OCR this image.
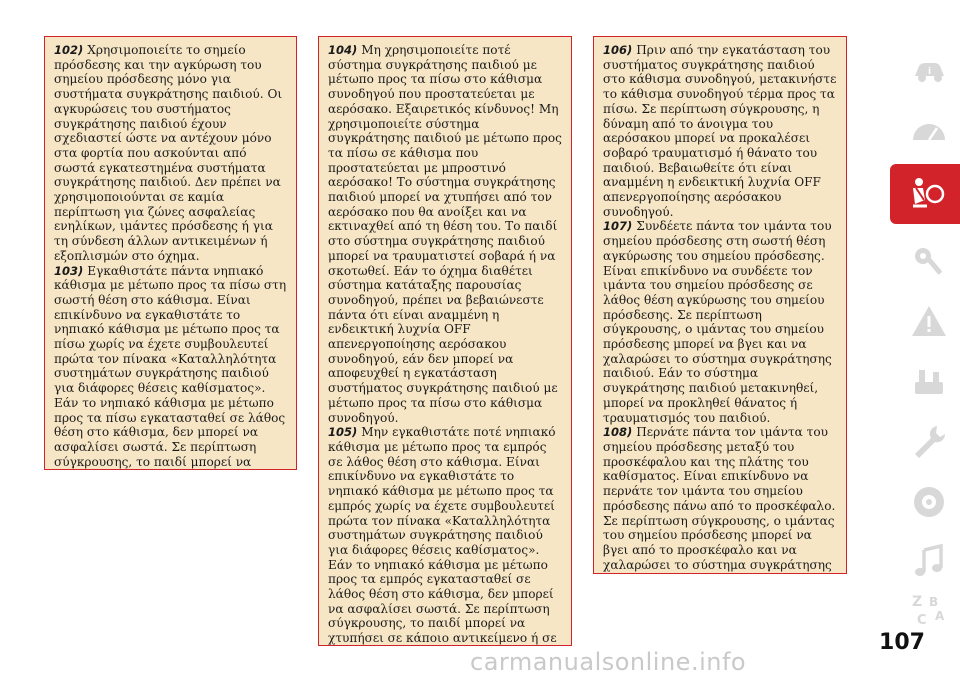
102) Χρησιμοποιείτε το σημείο πρόσδεσης και την αγκύρωση του σημείου πρόσδεσης μόνο για συστήματα συγκράτησης παιδιού. Οι αγκυρώσεις του συστήματος συγκράτησης παιδιού έχουν σχεδιαστεί ώστε να αντέχουν μόνο στα φορτία που ασκούνται από σωστά εγκατεστημένα συστήματα συγκράτησης παιδιού. Δεν πρέπει να χρησιμοποιούνται σε καμία περίπτωση για ζώνες ασφαλείας ενηλίκων, ιμάντες πρόσδεσης ή για τη σύνδεση άλλων αντικειμένων ή εξοπλισμών στο όχημα.

103) Εγκαθιστάτε πάντα νηπιακό κάθισμα με μέτωπο προς τα πίσω στη σωστή θέση στο κάθισμα. Είναι επικίνδυνο να εγκαθιστάτε το νηπιακό κάθισμα με μέτωπο προς τα πίσω χωρίς να έχετε συμβουλευτεί πρώτα τον πίνακα «Καταλληλότητα συστημάτων συγκράτησης παιδιού για διάφορες θέσεις καθίσματος». Εάν το νηπιακό κάθισμα με μέτωπο προς τα πίσω εγκατασταθεί σε λάθος θέση στο κάθισμα, δεν μπορεί να ασφαλίσει σωστά. Σε περίπτωση σύγκρουσης, το παιδί μπορεί να

104) Μη χρησιμοποιείτε ποτέ σύστημα συγκράτησης παιδιού με μέτωπο προς τα πίσω στο κάθισμα συνοδηγού που προστατεύεται με αερόσακο. Εξαιρετικός κίνδυνος! Μη χρησιμοποιείτε σύστημα συγκράτησης παιδιού με μέτωπο προς τα πίσω σε κάθισμα που προστατεύεται με μπροστινό αερόσακο! Το σύστημα συγκράτησης παιδιού μπορεί να χτυπήσει από τον αερόσακο που θα ανοίξει και να εκτιναχθεί από τη θέση του. Το παιδί στο σύστημα συγκράτησης παιδιού μπορεί να τραυματιστεί σοβαρά ή να σκοτωθεί. Εάν το όχημα διαθέτει σύστημα κατάταξης παρουσίας συνοδηγού, πρέπει να βεβαιώνεστε πάντα ότι είναι αναμμένη η ενδεικτική λυχνία OFF απενεργοποίησης αερόσακου συνοδηγού, εάν δεν μπορεί να αποφευχθεί η εγκατάσταση συστήματος συγκράτησης παιδιού με μέτωπο προς τα πίσω στο κάθισμα συνοδηγού.

105) Μην εγκαθιστάτε ποτέ νηπιακό κάθισμα με μέτωπο προς τα εμπρός σε λάθος θέση στο κάθισμα. Είναι επικίνδυνο να εγκαθιστάτε το νηπιακό κάθισμα με μέτωπο προς τα εμπρός χωρίς να έχετε συμβουλευτεί πρώτα τον πίνακα «Καταλληλότητα συστημάτων συγκράτησης παιδιού για διάφορες θέσεις καθίσματος». Εάν το νηπιακό κάθισμα με μέτωπο προς τα εμπρός εγκατασταθεί σε λάθος θέση στο κάθισμα, δεν μπορεί να ασφαλίσει σωστά. Σε περίπτωση σύγκρουσης, το παιδί μπορεί να χτυπήσει σε κάποιο αντικείμενο ή σε

106) Πριν από την εγκατάσταση του συστήματος συγκράτησης παιδιού στο κάθισμα συνοδηγού, μετακινήστε το κάθισμα συνοδηγού τέρμα προς τα πίσω. Σε περίπτωση σύγκρουσης, η δύναμη από το άνοιγμα του αερόσακου μπορεί να προκαλέσει σοβαρό τραυματισμό ή θάνατο του παιδιού. Βεβαιωθείτε ότι είναι αναμμένη η ενδεικτική λυχνία OFF απενεργοποίησης αερόσακου συνοδηγού.

107) Συνδέετε πάντα τον ιμάντα του σημείου πρόσδεσης στη σωστή θέση αγκύρωσης του σημείου πρόσδεσης. Είναι επικίνδυνο να συνδέετε τον ιμάντα του σημείου πρόσδεσης σε λάθος θέση αγκύρωσης του σημείου πρόσδεσης. Σε περίπτωση σύγκρουσης, ο ιμάντας του σημείου πρόσδεσης μπορεί να βγει και να χαλαρώσει το σύστημα συγκράτησης παιδιού. Εάν το σύστημα συγκράτησης παιδιού μετακινηθεί, μπορεί να προκληθεί θάνατος ή τραυματισμός του παιδιού.

108) Περνάτε πάντα τον ιμάντα του σημείου πρόσδεσης μεταξύ του προσκέφαλου και της πλάτης του καθίσματος. Είναι επικίνδυνο να περνάτε τον ιμάντα του σημείου πρόσδεσης πάνω από το προσκέφαλο. Σε περίπτωση σύγκρουσης, ο ιμάντας του σημείου πρόσδεσης μπορεί να βγει από το προσκέφαλο και να χαλαρώσει το σύστημα συγκράτησης

i
Z B
C A
107
carmanualsonline.info
